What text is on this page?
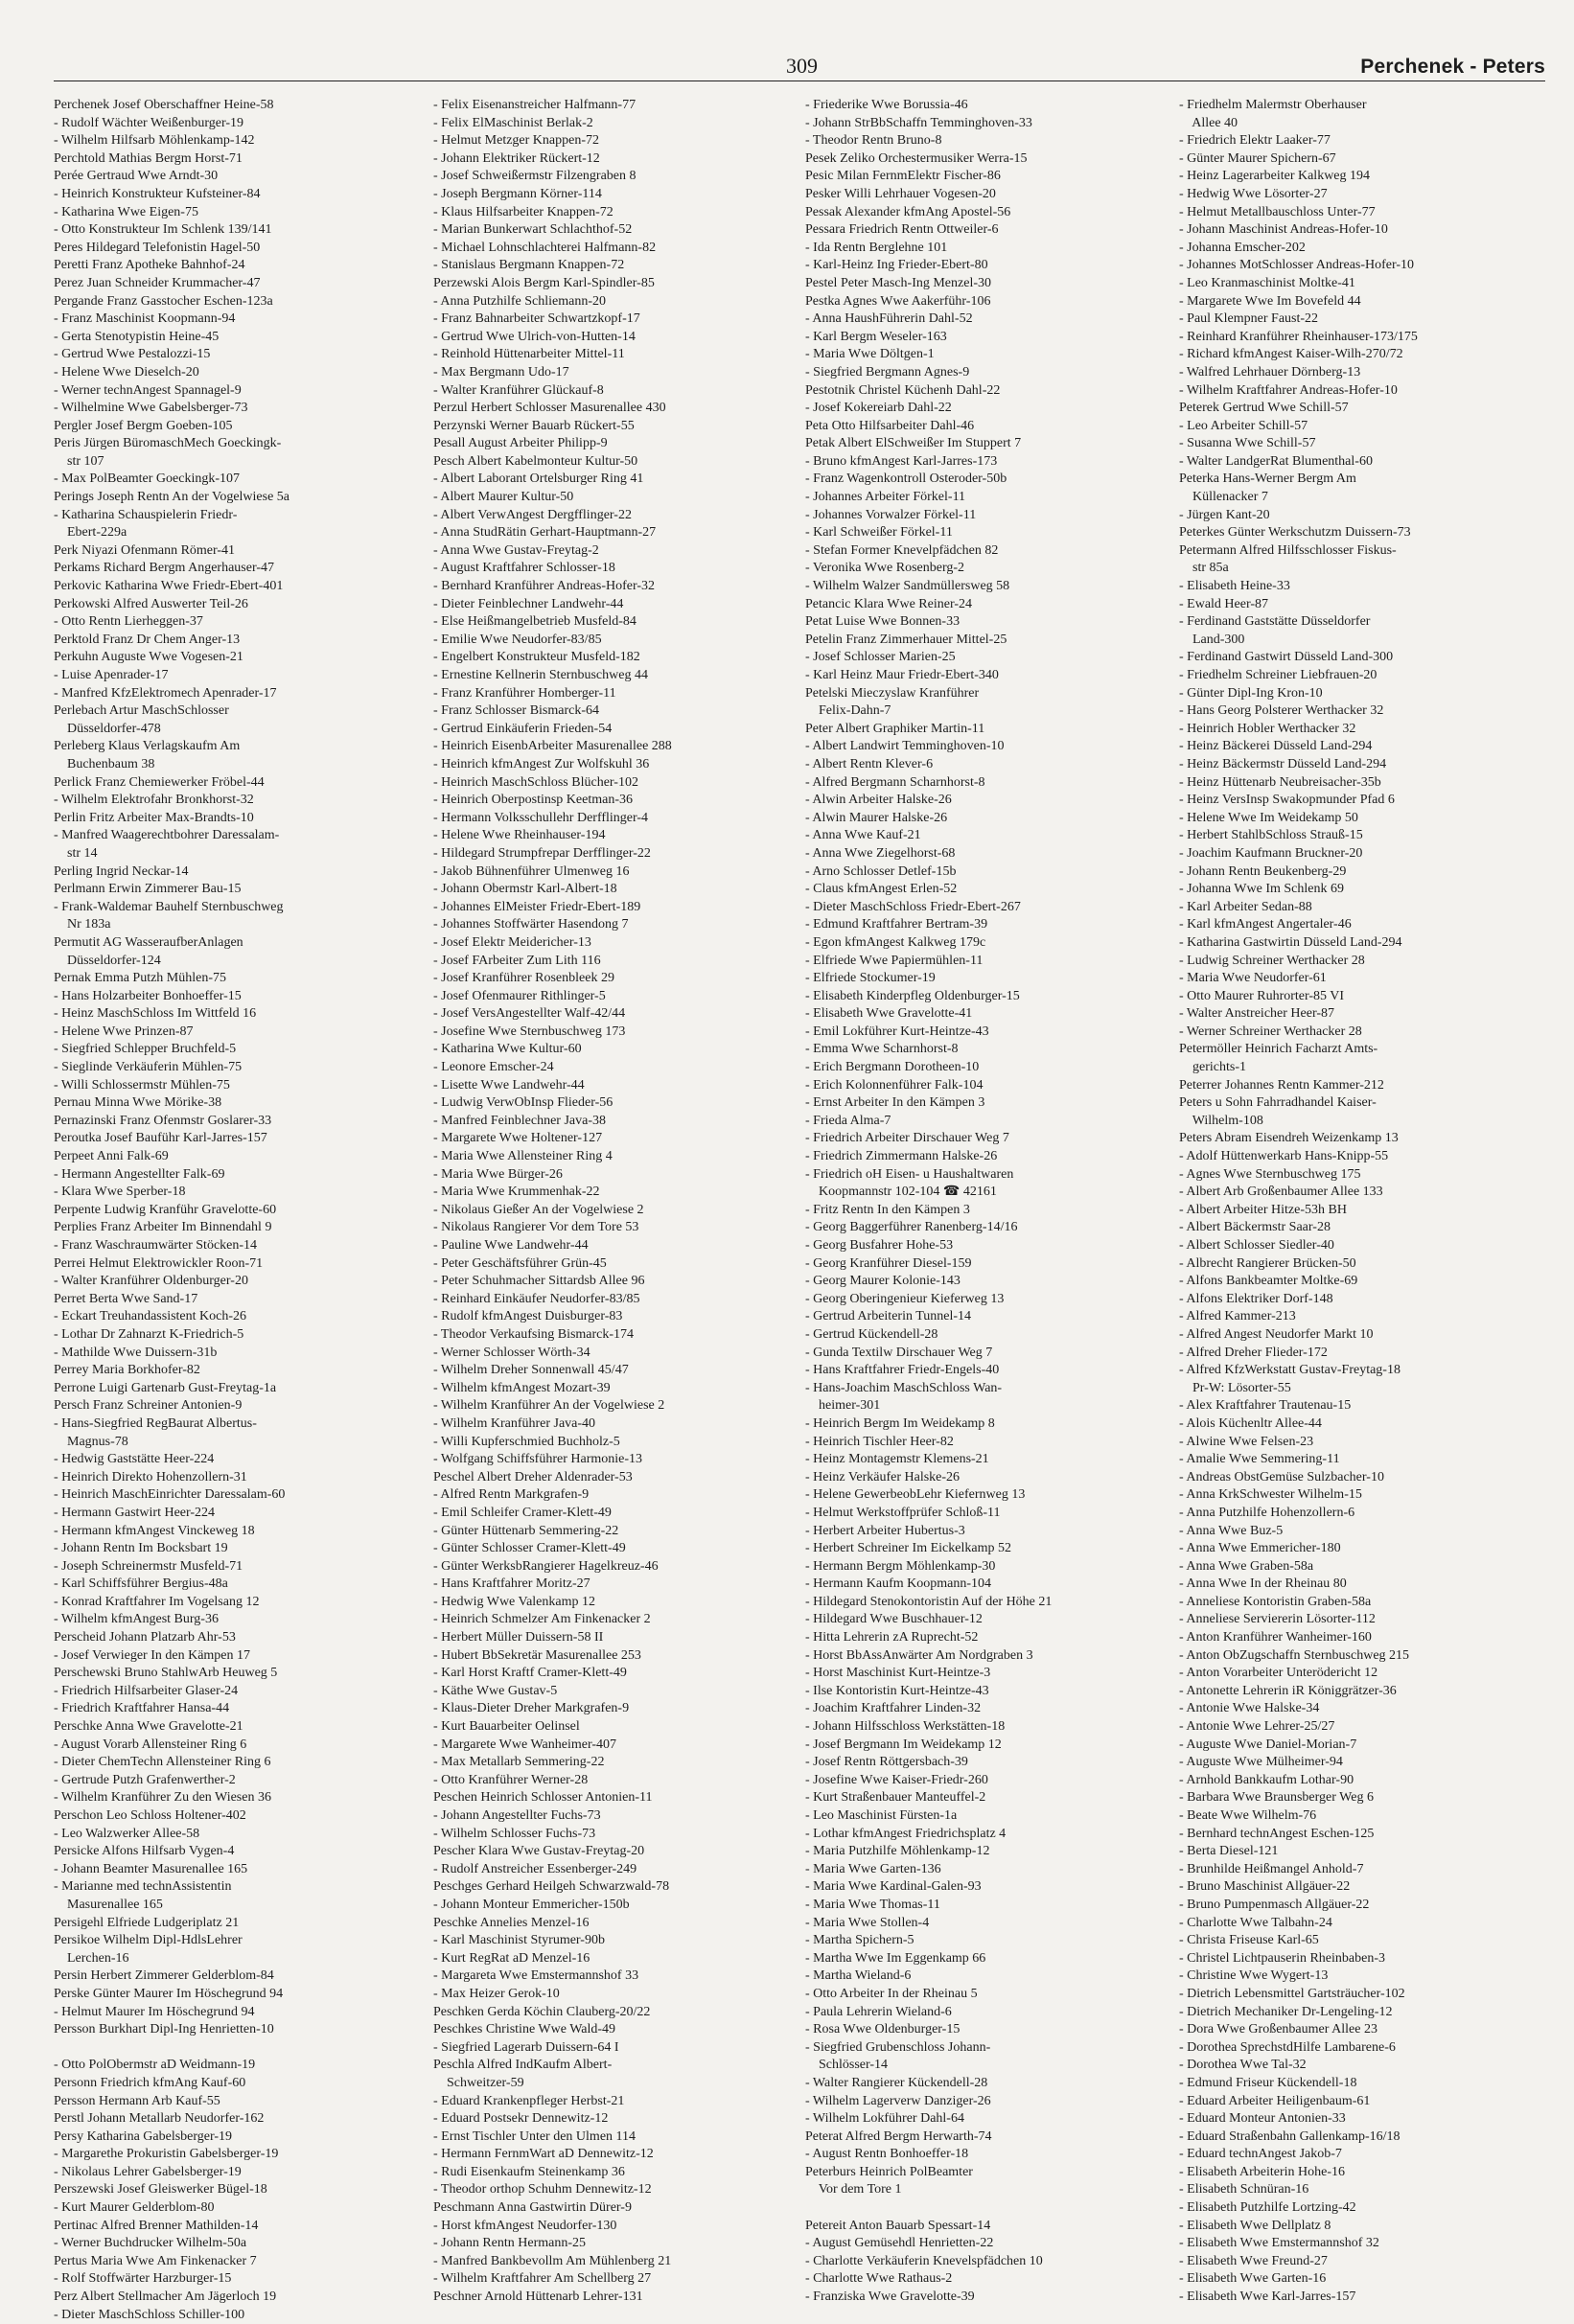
309	Perchenek - Peters
Perchenek Josef Oberschaffner Heine-58
- Rudolf Wächter Weißenburger-19
- Wilhelm Hilfsarb Möhlenkamp-142
Perchtold Mathias Bergm Horst-71
Perée Gertraud Wwe Arndt-30
- Heinrich Konstrukteur Kufsteiner-84
- Katharina Wwe Eigen-75
- Otto Konstrukteur Im Schlenk 139/141
Peres Hildegard Telefonistin Hagel-50
Peretti Franz Apotheke Bahnhof-24
Perez Juan Schneider Krummacher-47
Pergande Franz Gasstocher Eschen-123a
- Franz Maschinist Koopmann-94
- Gerta Stenotypistin Heine-45
- Gertrud Wwe Pestalozzi-15
- Helene Wwe Dieselch-20
- Werner technAngest Spannagel-9
- Wilhelmine Wwe Gabelsberger-73
Pergler Josef Bergm Goeben-105
Peris Jürgen BüromaschMech Goeckingk-
str 107
- Max PolBeamter Goeckingk-107
Perings Joseph Rentn An der Vogelwiese 5a
- Katharina Schauspielerin Friedr-
Ebert-229a
Perk Niyazi Ofenmann Römer-41
Perkams Richard Bergm Angerhauser-47
Perkovic Katharina Wwe Friedr-Ebert-401
Perkowski Alfred Auswerter Teil-26
- Otto Rentn Lierheggen-37
Perktold Franz Dr Chem Anger-13
Perkuhn Auguste Wwe Vogesen-21
- Luise Apenrader-17
- Manfred KfzElektromech Apenrader-17
Perlebach Artur MaschSchlosser
Düsseldorfer-478
Perleberg Klaus Verlagskaufm Am
Buchenbaum 38
Perlick Franz Chemiewerker Fröbel-44
- Wilhelm Elektrofahr Bronkhorst-32
Perlin Fritz Arbeiter Max-Brandts-10
- Manfred Waagerechtbohrer Daressalam-
str 14
Perling Ingrid Neckar-14
Perlmann Erwin Zimmerer Bau-15
- Frank-Waldemar Bauhelf Sternbuschweg
Nr 183a
Permutit AG WasseraufberAnlagen
Düsseldorfer-124
Pernak Emma Putzh Mühlen-75
- Hans Holzarbeiter Bonhoeffer-15
- Heinz MaschSchloss Im Wittfeld 16
- Helene Wwe Prinzen-87
- Siegfried Schlepper Bruchfeld-5
- Sieglinde Verkäuferin Mühlen-75
- Willi Schlossermstr Mühlen-75
Pernau Minna Wwe Mörike-38
Pernazinski Franz Ofenmstr Goslarer-33
Peroutka Josef Bauführ Karl-Jarres-157
Perpeet Anni Falk-69
- Hermann Angestellter Falk-69
- Klara Wwe Sperber-18
Perpente Ludwig Kranführ Gravelotte-60
Perplies Franz Arbeiter Im Binnendahl 9
- Franz Waschraumwärter Stöcken-14
Perrei Helmut Elektrowickler Roon-71
- Walter Kranführer Oldenburger-20
Perret Berta Wwe Sand-17
- Eckart Treuhandassistent Koch-26
- Lothar Dr Zahnarzt K-Friedrich-5
- Mathilde Wwe Duissern-31b
Perrey Maria Borkhofer-82
Perrone Luigi Gartenarb Gust-Freytag-1a
Persch Franz Schreiner Antonien-9
- Hans-Siegfried RegBaurat Albertus-
Magnus-78
- Hedwig Gaststätte Heer-224
- Heinrich Direkto Hohenzollern-31
- Heinrich MaschEinrichter Daressalam-60
- Hermann Gastwirt Heer-224
- Hermann kfmAngest Vinckeweg 18
- Johann Rentn Im Bocksbart 19
- Joseph Schreinermstr Musfeld-71
- Karl Schiffsführer Bergius-48a
- Konrad Kraftfahrer Im Vogelsang 12
- Wilhelm kfmAngest Burg-36
Perscheid Johann Platzarb Ahr-53
- Josef Verwieger In den Kämpen 17
Perschewski Bruno StahlwArb Heuweg 5
- Friedrich Hilfsarbeiter Glaser-24
- Friedrich Kraftfahrer Hansa-44
Perschke Anna Wwe Gravelotte-21
- August Vorarb Allensteiner Ring 6
- Dieter ChemTechn Allensteiner Ring 6
- Gertrude Putzh Grafenwerther-2
- Wilhelm Kranführer Zu den Wiesen 36
Perschon Leo Schloss Holtener-402
- Leo Walzwerker Allee-58
Persicke Alfons Hilfsarb Vygen-4
- Johann Beamter Masurenallee 165
- Marianne med technAssistentin
Masurenallee 165
Persigehl Elfriede Ludgeriplatz 21
Persikoe Wilhelm Dipl-HdlsLehrer
Lerchen-16
Persin Herbert Zimmerer Gelderblom-84
Perske Günter Maurer Im Höschegrund 94
- Helmut Maurer Im Höschegrund 94
Persson Burkhart Dipl-Ing Henrietten-10
- Otto PolObermstr aD Weidmann-19
Personn Friedrich kfmAng Kauf-60
Persson Hermann Arb Kauf-55
Perstl Johann Metallarb Neudorfer-162
Persy Katharina Gabelsberger-19
- Margarethe Prokuristin Gabelsberger-19
- Nikolaus Lehrer Gabelsberger-19
Perszewski Josef Gleiswerker Bügel-18
- Kurt Maurer Gelderblom-80
Pertinac Alfred Brenner Mathilden-14
- Werner Buchdrucker Wilhelm-50a
Pertus Maria Wwe Am Finkenacker 7
- Rolf Stoffwärter Harzburger-15
Perz Albert Stellmacher Am Jägerloch 19
- Dieter MaschSchloss Schiller-100
- Felix Eisenanstreicher Halfmann-77
- Felix ElMaschinist Berlak-2
- Helmut Metzger Knappen-72
- Johann Elektriker Rückert-12
- Josef Schweißermstr Filzengraben 8
- Joseph Bergmann Körner-114
- Klaus Hilfsarbeiter Knappen-72
- Marian Bunkerwart Schlachthof-52
- Michael Lohnschlachterei Halfmann-82
- Stanislaus Bergmann Knappen-72
Perzewski Alois Bergm Karl-Spindler-85
- Anna Putzhilfe Schliemann-20
- Franz Bahnarbeiter Schwartzkopf-17
- Gertrud Wwe Ulrich-von-Hutten-14
- Reinhold Hüttenarbeiter Mittel-11
- Max Bergmann Udo-17
- Walter Kranführer Glückauf-8
Perzul Herbert Schlosser Masurenallee 430
Perzynski Werner Bauarb Rückert-55
Pesall August Arbeiter Philipp-9
Pesch Albert Kabelmonteur Kultur-50
- Albert Laborant Ortelsburger Ring 41
- Albert Maurer Kultur-50
- Albert VerwAngest Dergfflinger-22
- Anna StudRätin Gerhart-Hauptmann-27
- Anna Wwe Gustav-Freytag-2
- August Kraftfahrer Schlosser-18
- Bernhard Kranführer Andreas-Hofer-32
- Dieter Feinblechner Landwehr-44
- Else Heißmangelbetrieb Musfeld-84
- Emilie Wwe Neudorfer-83/85
- Engelbert Konstrukteur Musfeld-182
- Ernestine Kellnerin Sternbuschweg 44
- Franz Kranführer Homberger-11
- Franz Schlosser Bismarck-64
- Gertrud Einkäuferin Frieden-54
- Heinrich EisenbArbeiter Masurenallee 288
- Heinrich kfmAngest Zur Wolfskuhl 36
- Heinrich MaschSchloss Blücher-102
- Heinrich Oberpostinsp Keetman-36
- Hermann Volksschullehr Derfflinger-4
- Helene Wwe Rheinhauser-194
- Hildegard Strumpfrepar Derfflinger-22
- Jakob Bühnenführer Ulmenweg 16
- Johann Obermstr Karl-Albert-18
- Johannes ElMeister Friedr-Ebert-189
- Johannes Stoffwärter Hasendong 7
- Josef Elektr Meidericher-13
- Josef FArbeiter Zum Lith 116
- Josef Kranführer Rosenbleek 29
- Josef Ofenmaurer Rithlinger-5
- Josef VersAngestellter Walf-42/44
- Josefine Wwe Sternbuschweg 173
- Katharina Wwe Kultur-60
- Leonore Emscher-24
- Lisette Wwe Landwehr-44
- Ludwig VerwObInsp Flieder-56
- Manfred Feinblechner Java-38
- Margarete Wwe Holtener-127
- Maria Wwe Allensteiner Ring 4
- Maria Wwe Bürger-26
- Maria Wwe Krummenhak-22
- Nikolaus Gießer An der Vogelwiese 2
- Nikolaus Rangierer Vor dem Tore 53
- Pauline Wwe Landwehr-44
- Peter Geschäftsführer Grün-45
- Peter Schuhmacher Sittardsb Allee 96
- Reinhard Einkäufer Neudorfer-83/85
- Rudolf kfmAngest Duisburger-83
- Theodor Verkaufsing Bismarck-174
- Werner Schlosser Wörth-34
- Wilhelm Dreher Sonnenwall 45/47
- Wilhelm kfmAngest Mozart-39
- Wilhelm Kranführer An der Vogelwiese 2
- Wilhelm Kranführer Java-40
- Willi Kupferschmied Buchholz-5
- Wolfgang Schiffsführer Harmonie-13
Peschel Albert Dreher Aldenrader-53
- Alfred Rentn Markgrafen-9
- Emil Schleifer Cramer-Klett-49
- Günter Hüttenarb Semmering-22
- Günter Schlosser Cramer-Klett-49
- Günter WerksbRangierer Hagelkreuz-46
- Hans Kraftfahrer Moritz-27
- Hedwig Wwe Valenkamp 12
- Heinrich Schmelzer Am Finkenacker 2
- Herbert Müller Duissern-58 II
- Hubert BbSekretär Masurenallee 253
- Karl Horst Kraftf Cramer-Klett-49
- Käthe Wwe Gustav-5
- Klaus-Dieter Dreher Markgrafen-9
- Kurt Bauarbeiter Oelinsel
- Margarete Wwe Wanheimer-407
- Max Metallarb Semmering-22
- Otto Kranführer Werner-28
Peschen Heinrich Schlosser Antonien-11
- Johann Angestellter Fuchs-73
- Wilhelm Schlosser Fuchs-73
Pescher Klara Wwe Gustav-Freytag-20
- Rudolf Anstreicher Essenberger-249
Peschges Gerhard Heilgeh Schwarzwald-78
- Johann Monteur Emmericher-150b
Peschke Annelies Menzel-16
- Karl Maschinist Styrumer-90b
- Kurt RegRat aD Menzel-16
- Margareta Wwe Emstermannshof 33
- Max Heizer Gerok-10
Peschken Gerda Köchin Clauberg-20/22
Peschkes Christine Wwe Wald-49
- Siegfried Lagerarb Duissern-64 I
Peschla Alfred IndKaufm Albert-
Schweitzer-59
- Eduard Krankenpfleger Herbst-21
- Eduard Postsekr Dennewitz-12
- Ernst Tischler Unter den Ulmen 114
- Hermann FernmWart aD Dennewitz-12
- Rudi Eisenkaufm Steinenkamp 36
- Theodor orthop Schuhm Dennewitz-12
Peschmann Anna Gastwirtin Dürer-9
- Horst kfmAngest Neudorfer-130
- Johann Rentn Hermann-25
- Manfred Bankbevollm Am Mühlenberg 21
- Wilhelm Kraftfahrer Am Schellberg 27
Peschner Arnold Hüttenarb Lehrer-131
- Friederike Wwe Borussia-46
- Johann StrBbSchaffn Temminghoven-33
- Theodor Rentn Bruno-8
Pesek Zeliko Orchestermusiker Werra-15
Pesic Milan FernmElektr Fischer-86
Pesker Willi Lehrhauer Vogesen-20
Pessak Alexander kfmAng Apostel-56
Pessara Friedrich Rentn Ottweiler-6
- Ida Rentn Berglehne 101
- Karl-Heinz Ing Frieder-Ebert-80
Pestel Peter Masch-Ing Menzel-30
Pestka Agnes Wwe Aakerführ-106
- Anna HaushFührerin Dahl-52
- Karl Bergm Weseler-163
- Maria Wwe Döltgen-1
- Siegfried Bergmann Agnes-9
Pestotnik Christel Küchenh Dahl-22
- Josef Kokereiarb Dahl-22
Peta Otto Hilfsarbeiter Dahl-46
Petak Albert ElSchweißer Im Stuppert 7
- Bruno kfmAngest Karl-Jarres-173
- Franz Wagenkontroll Osteroder-50b
- Johannes Arbeiter Förkel-11
- Johannes Vorwalzer Förkel-11
- Karl Schweißer Förkel-11
- Stefan Former Knevelpfädchen 82
- Veronika Wwe Rosenberg-2
- Wilhelm Walzer Sandmüllersweg 58
Petancic Klara Wwe Reiner-24
Petat Luise Wwe Bonnen-33
Petelin Franz Zimmerhauer Mittel-25
- Josef Schlosser Marien-25
- Karl Heinz Maur Friedr-Ebert-340
Petelski Mieczyslaw Kranführer
Felix-Dahn-7
Peter Albert Graphiker Martin-11
- Albert Landwirt Temminghoven-10
- Albert Rentn Klever-6
- Alfred Bergmann Scharnhorst-8
- Alwin Arbeiter Halske-26
- Alwin Maurer Halske-26
- Anna Wwe Kauf-21
- Anna Wwe Ziegelhorst-68
- Arno Schlosser Detlef-15b
- Claus kfmAngest Erlen-52
- Dieter MaschSchloss Friedr-Ebert-267
- Edmund Kraftfahrer Bertram-39
- Egon kfmAngest Kalkweg 179c
- Elfriede Wwe Papiermühlen-11
- Elfriede Stockumer-19
- Elisabeth Kinderpfleg Oldenburger-15
- Elisabeth Wwe Gravelotte-41
- Emil Lokführer Kurt-Heintze-43
- Emma Wwe Scharnhorst-8
- Erich Bergmann Dorotheen-10
- Erich Kolonnenführer Falk-104
- Ernst Arbeiter In den Kämpen 3
- Frieda Alma-7
- Friedrich Arbeiter Dirschauer Weg 7
- Friedrich Zimmermann Halske-26
- Friedrich oH Eisen- u Haushaltwaren
Koopmannstr 102-104 ☎ 42161
- Fritz Rentn In den Kämpen 3
- Georg Baggerführer Ranenberg-14/16
- Georg Busfahrer Hohe-53
- Georg Kranführer Diesel-159
- Georg Maurer Kolonie-143
- Georg Oberingenieur Kieferweg 13
- Gertrud Arbeiterin Tunnel-14
- Gertrud Kückendell-28
- Gunda Textilw Dirschauer Weg 7
- Hans Kraftfahrer Friedr-Engels-40
- Hans-Joachim MaschSchloss Wan-
heimer-301
- Heinrich Bergm Im Weidekamp 8
- Heinrich Tischler Heer-82
- Heinz Montagemstr Klemens-21
- Heinz Verkäufer Halske-26
- Helene GewerbeobLehr Kiefernweg 13
- Helmut Werkstoffprüfer Schloß-11
- Herbert Arbeiter Hubertus-3
- Herbert Schreiner Im Eickelkamp 52
- Hermann Bergm Möhlenkamp-30
- Hermann Kaufm Koopmann-104
- Hildegard Stenokontoristin Auf der Höhe 21
- Hildegard Wwe Buschhauer-12
- Hitta Lehrerin zA Ruprecht-52
- Horst BbAssAnwärter Am Nordgraben 3
- Horst Maschinist Kurt-Heintze-3
- Ilse Kontoristin Kurt-Heintze-43
- Joachim Kraftfahrer Linden-32
- Johann Hilfsschloss Werkstätten-18
- Josef Bergmann Im Weidekamp 12
- Josef Rentn Röttgersbach-39
- Josefine Wwe Kaiser-Friedr-260
- Kurt Straßenbauer Manteuffel-2
- Leo Maschinist Fürsten-1a
- Lothar kfmAngest Friedrichsplatz 4
- Maria Putzhilfe Möhlenkamp-12
- Maria Wwe Garten-136
- Maria Wwe Kardinal-Galen-93
- Maria Wwe Thomas-11
- Maria Wwe Stollen-4
- Martha Spichern-5
- Martha Wwe Im Eggenkamp 66
- Martha Wieland-6
- Otto Arbeiter In der Rheinau 5
- Paula Lehrerin Wieland-6
- Rosa Wwe Oldenburger-15
- Siegfried Grubenschloss Johann-
Schlösser-14
- Walter Rangierer Kückendell-28
- Wilhelm Lagerverw Danziger-26
- Wilhelm Lokführer Dahl-64
Peterat Alfred Bergm Herwarth-74
- August Rentn Bonhoeffer-18
Peterburs Heinrich PolBeamter
Vor dem Tore 1
Petereit Anton Bauarb Spessart-14
- August Gemüsehdl Henrietten-22
- Charlotte Verkäuferin Knevelspfädchen 10
- Charlotte Wwe Rathaus-2
- Franziska Wwe Gravelotte-39
- Friedhelm Malermstr Oberhauser
Allee 40
- Friedrich Elektr Laaker-77
- Günter Maurer Spichern-67
- Heinz Lagerarbeiter Kalkweg 194
- Hedwig Wwe Lösorter-27
- Helmut Metallbauschloss Unter-77
- Johann Maschinist Andreas-Hofer-10
- Johanna Emscher-202
- Johannes MotSchlosser Andreas-Hofer-10
- Leo Kranmaschinist Moltke-41
- Margarete Wwe Im Bovefeld 44
- Paul Klempner Faust-22
- Reinhard Kranführer Rheinhauser-173/175
- Richard kfmAngest Kaiser-Wilh-270/72
- Walfred Lehrhauer Dörnberg-13
- Wilhelm Kraftfahrer Andreas-Hofer-10
Peterek Gertrud Wwe Schill-57
- Leo Arbeiter Schill-57
- Susanna Wwe Schill-57
- Walter LandgerRat Blumenthal-60
Peterka Hans-Werner Bergm Am
Küllenacker 7
- Jürgen Kant-20
Peterkes Günter Werkschutzm Duissern-73
Petermann Alfred Hilfsschlosser Fiskus-
str 85a
- Elisabeth Heine-33
- Ewald Heer-87
- Ferdinand Gaststätte Düsseldorfer
Land-300
- Ferdinand Gastwirt Düsseld Land-300
- Friedhelm Schreiner Liebfrauen-20
- Günter Dipl-Ing Kron-10
- Hans Georg Polsterer Werthacker 32
- Heinrich Hobler Werthacker 32
- Heinz Bäckerei Düsseld Land-294
- Heinz Bäckermstr Düsseld Land-294
- Heinz Hüttenarb Neubreisacher-35b
- Heinz VersInsp Swakopmunder Pfad 6
- Helene Wwe Im Weidekamp 50
- Herbert StahlbSchloss Strauß-15
- Joachim Kaufmann Bruckner-20
- Johann Rentn Beukenberg-29
- Johanna Wwe Im Schlenk 69
- Karl Arbeiter Sedan-88
- Karl kfmAngest Angertaler-46
- Katharina Gastwirtin Düsseld Land-294
- Ludwig Schreiner Werthacker 28
- Maria Wwe Neudorfer-61
- Otto Maurer Ruhrorter-85 VI
- Walter Anstreicher Heer-87
- Werner Schreiner Werthacker 28
Petermöller Heinrich Facharzt Amts-
gerichts-1
Peterrer Johannes Rentn Kammer-212
Peters u Sohn Fahrradhandel Kaiser-
Wilhelm-108
Peters Abram Eisendreh Weizenkamp 13
- Adolf Hüttenwerkarb Hans-Knipp-55
- Agnes Wwe Sternbuschweg 175
- Albert Arb Großenbaumer Allee 133
- Albert Arbeiter Hitze-53h BH
- Albert Bäckermstr Saar-28
- Albert Schlosser Siedler-40
- Albrecht Rangierer Brücken-50
- Alfons Bankbeamter Moltke-69
- Alfons Elektriker Dorf-148
- Alfred Kammer-213
- Alfred Angest Neudorfer Markt 10
- Alfred Dreher Flieder-172
- Alfred KfzWerkstatt Gustav-Freytag-18
Pr-W: Lösorter-55
- Alex Kraftfahrer Trautenau-15
- Alois Küchenltr Allee-44
- Alwine Wwe Felsen-23
- Amalie Wwe Semmering-11
- Andreas ObstGemüse Sulzbacher-10
- Anna KrkSchwester Wilhelm-15
- Anna Putzhilfe Hohenzollern-6
- Anna Wwe Buz-5
- Anna Wwe Emmericher-180
- Anna Wwe Graben-58a
- Anna Wwe In der Rheinau 80
- Anneliese Kontoristin Graben-58a
- Anneliese Serviererin Lösorter-112
- Anton Kranführer Wanheimer-160
- Anton ObZugschaffn Sternbuschweg 215
- Anton Vorarbeiter Unterödericht 12
- Antonette Lehrerin iR Königgrätzer-36
- Antonie Wwe Halske-34
- Antonie Wwe Lehrer-25/27
- Auguste Wwe Daniel-Morian-7
- Auguste Wwe Mülheimer-94
- Arnhold Bankkaufm Lothar-90
- Barbara Wwe Braunsberger Weg 6
- Beate Wwe Wilhelm-76
- Bernhard technAngest Eschen-125
- Berta Diesel-121
- Brunhilde Heißmangel Anhold-7
- Bruno Maschinist Allgäuer-22
- Bruno Pumpenmasch Allgäuer-22
- Charlotte Wwe Talbahn-24
- Christa Friseuse Karl-65
- Christel Lichtpauserin Rheinbaben-3
- Christine Wwe Wygert-13
- Dietrich Lebensmittel Gartsträucher-102
- Dietrich Mechaniker Dr-Lengeling-12
- Dora Wwe Großenbaumer Allee 23
- Dorothea SprechstdHilfe Lambarene-6
- Dorothea Wwe Tal-32
- Edmund Friseur Kückendell-18
- Eduard Arbeiter Heiligenbaum-61
- Eduard Monteur Antonien-33
- Eduard Straßenbahn Gallenkamp-16/18
- Eduard technAngest Jakob-7
- Elisabeth Arbeiterin Hohe-16
- Elisabeth Schnüran-16
- Elisabeth Putzhilfe Lortzing-42
- Elisabeth Wwe Dellplatz 8
- Elisabeth Wwe Emstermannshof 32
- Elisabeth Wwe Freund-27
- Elisabeth Wwe Garten-16
- Elisabeth Wwe Karl-Jarres-157
